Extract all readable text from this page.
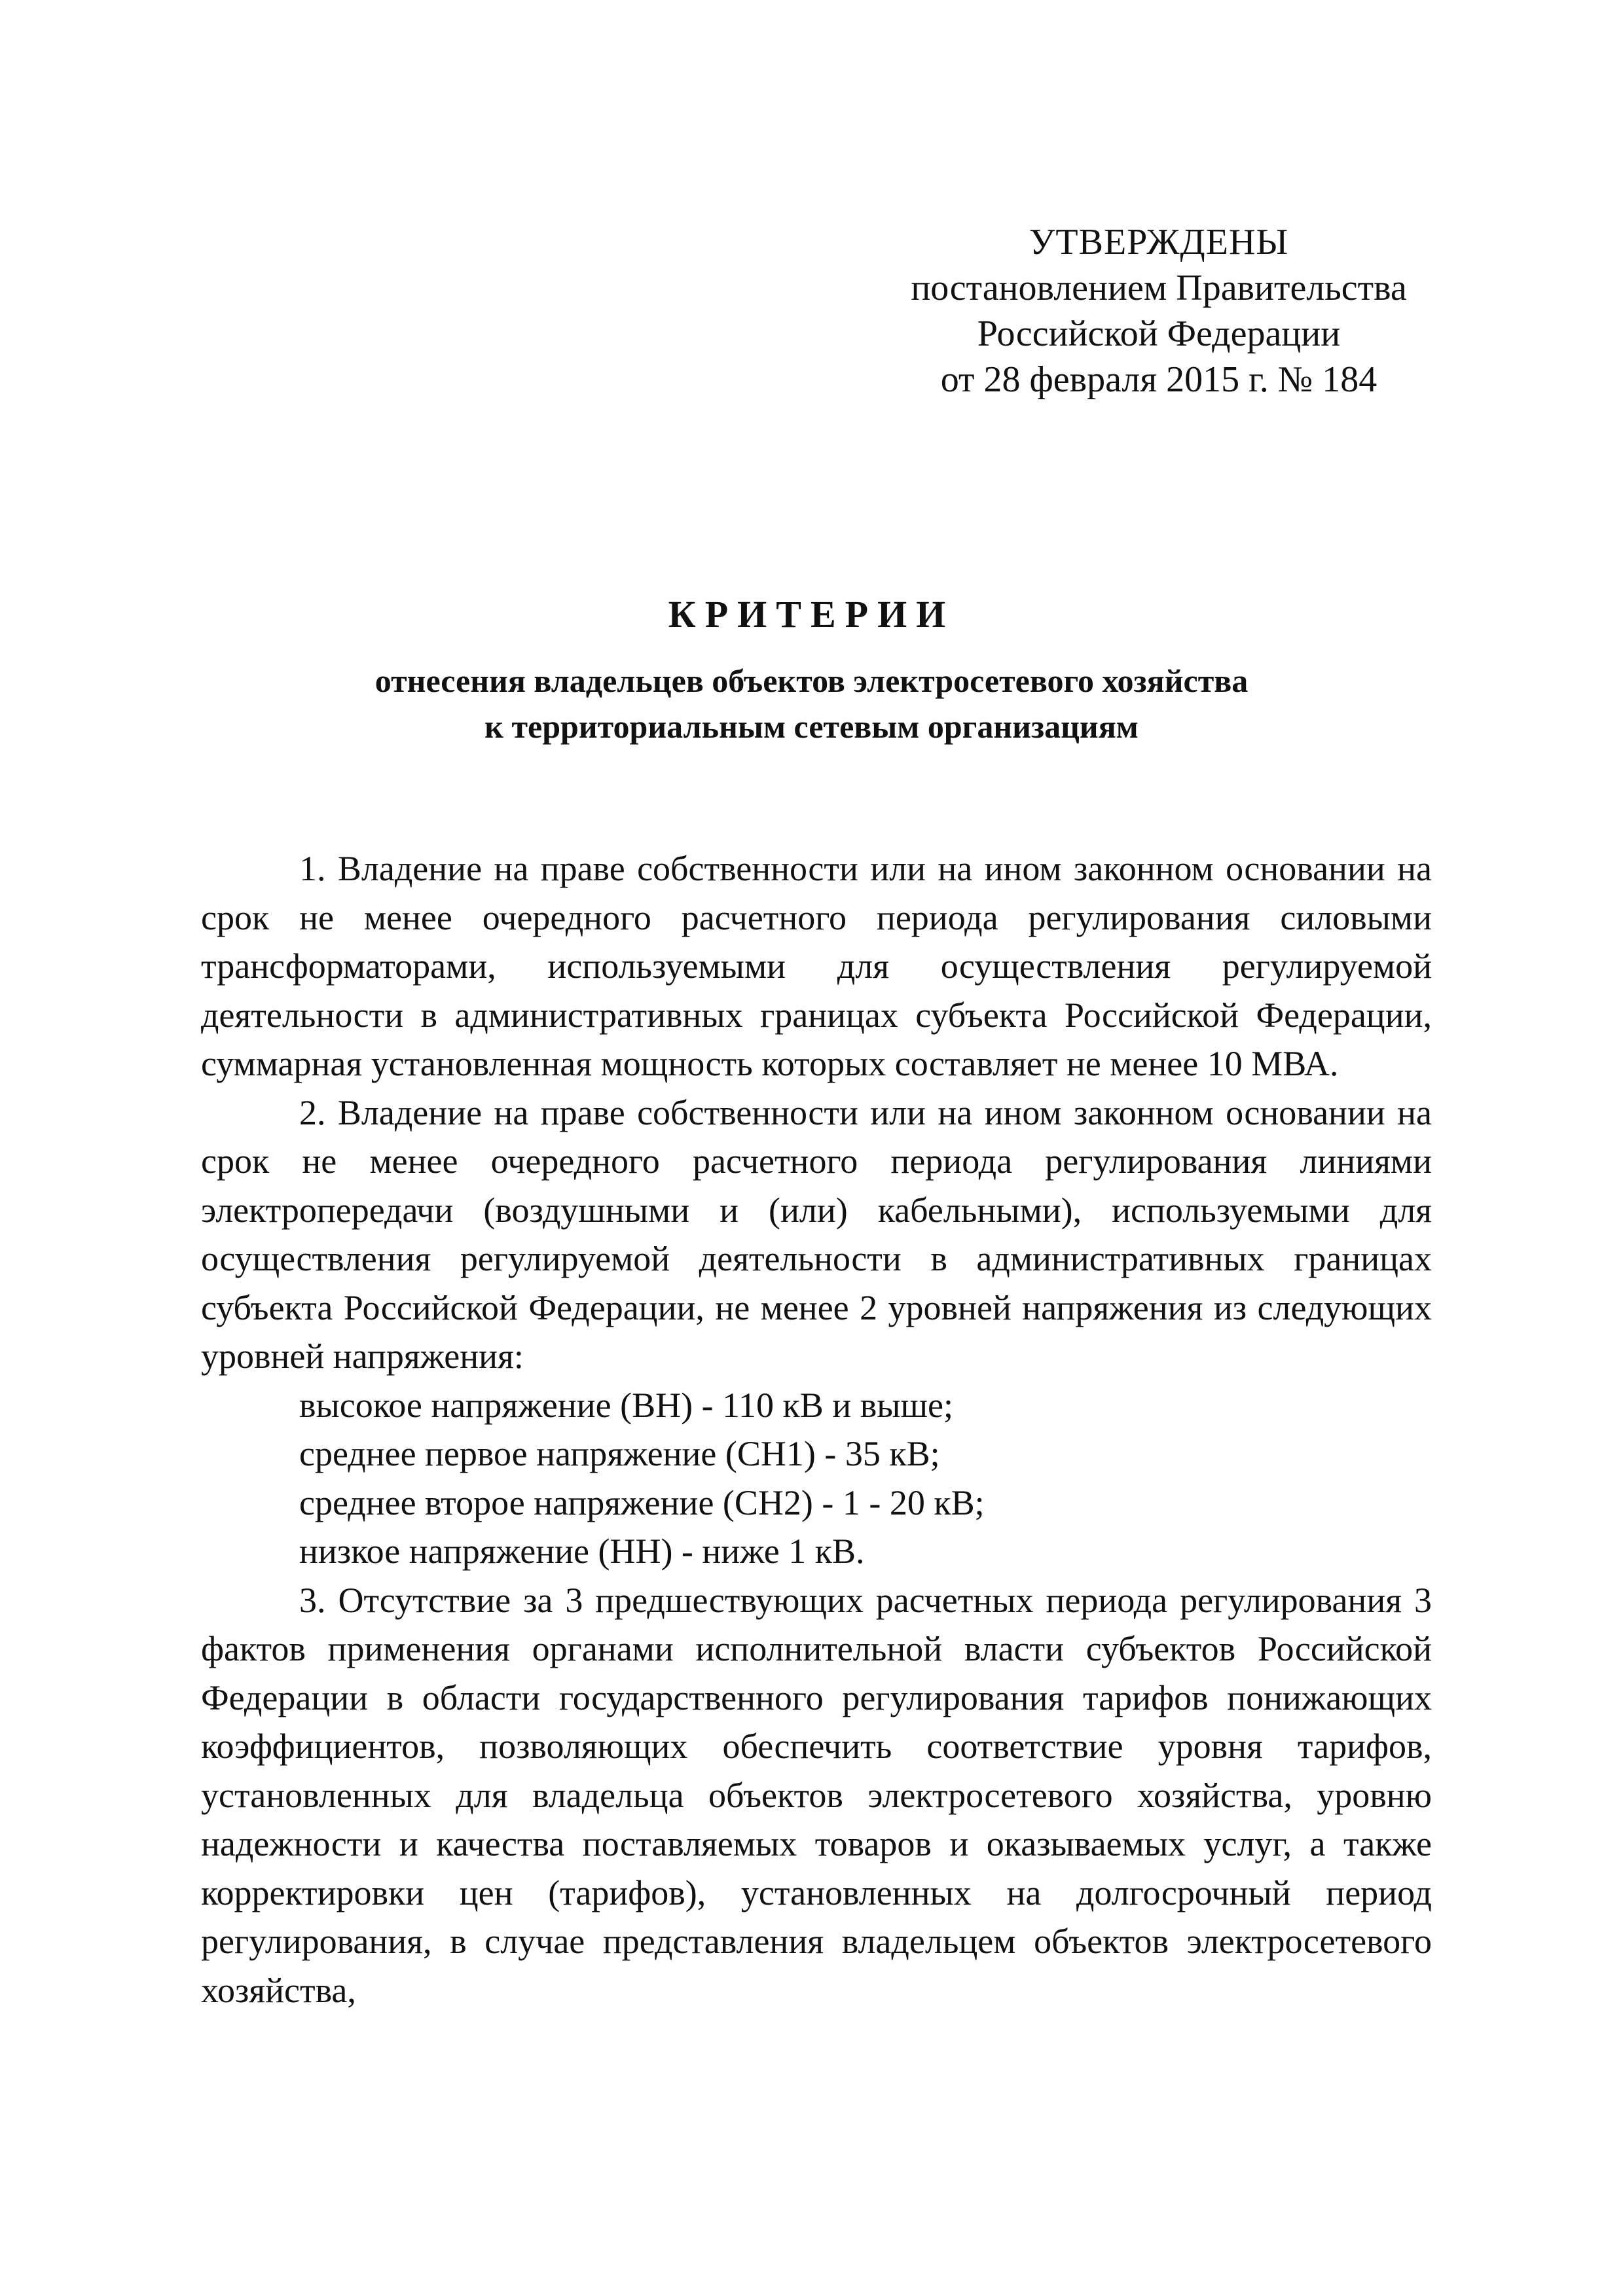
УТВЕРЖДЕНЫ
постановлением Правительства
Российской Федерации
от 28 февраля 2015 г. № 184
КРИТЕРИИ
отнесения владельцев объектов электросетевого хозяйства
к территориальным сетевым организациям

1. Владение на праве собственности или на ином законном основании на срок не менее очередного расчетного периода регулирования силовыми трансформаторами, используемыми для осуществления регулируемой деятельности в административных границах субъекта Российской Федерации, суммарная установленная мощность которых составляет не менее 10 МВА.

2. Владение на праве собственности или на ином законном основании на срок не менее очередного расчетного периода регулирования линиями электропередачи (воздушными и (или) кабельными), используемыми для осуществления регулируемой деятельности в административных границах субъекта Российской Федерации, не менее 2 уровней напряжения из следующих уровней напряжения:

высокое напряжение (ВН) - 110 кВ и выше;
среднее первое напряжение (СН1) - 35 кВ;
среднее второе напряжение (СН2) - 1 - 20 кВ;
низкое напряжение (НН) - ниже 1 кВ.

3. Отсутствие за 3 предшествующих расчетных периода регулирования 3 фактов применения органами исполнительной власти субъектов Российской Федерации в области государственного регулирования тарифов понижающих коэффициентов, позволяющих обеспечить соответствие уровня тарифов, установленных для владельца объектов электросетевого хозяйства, уровню надежности и качества поставляемых товаров и оказываемых услуг, а также корректировки цен (тарифов), установленных на долгосрочный период регулирования, в случае представления владельцем объектов электросетевого хозяйства,
